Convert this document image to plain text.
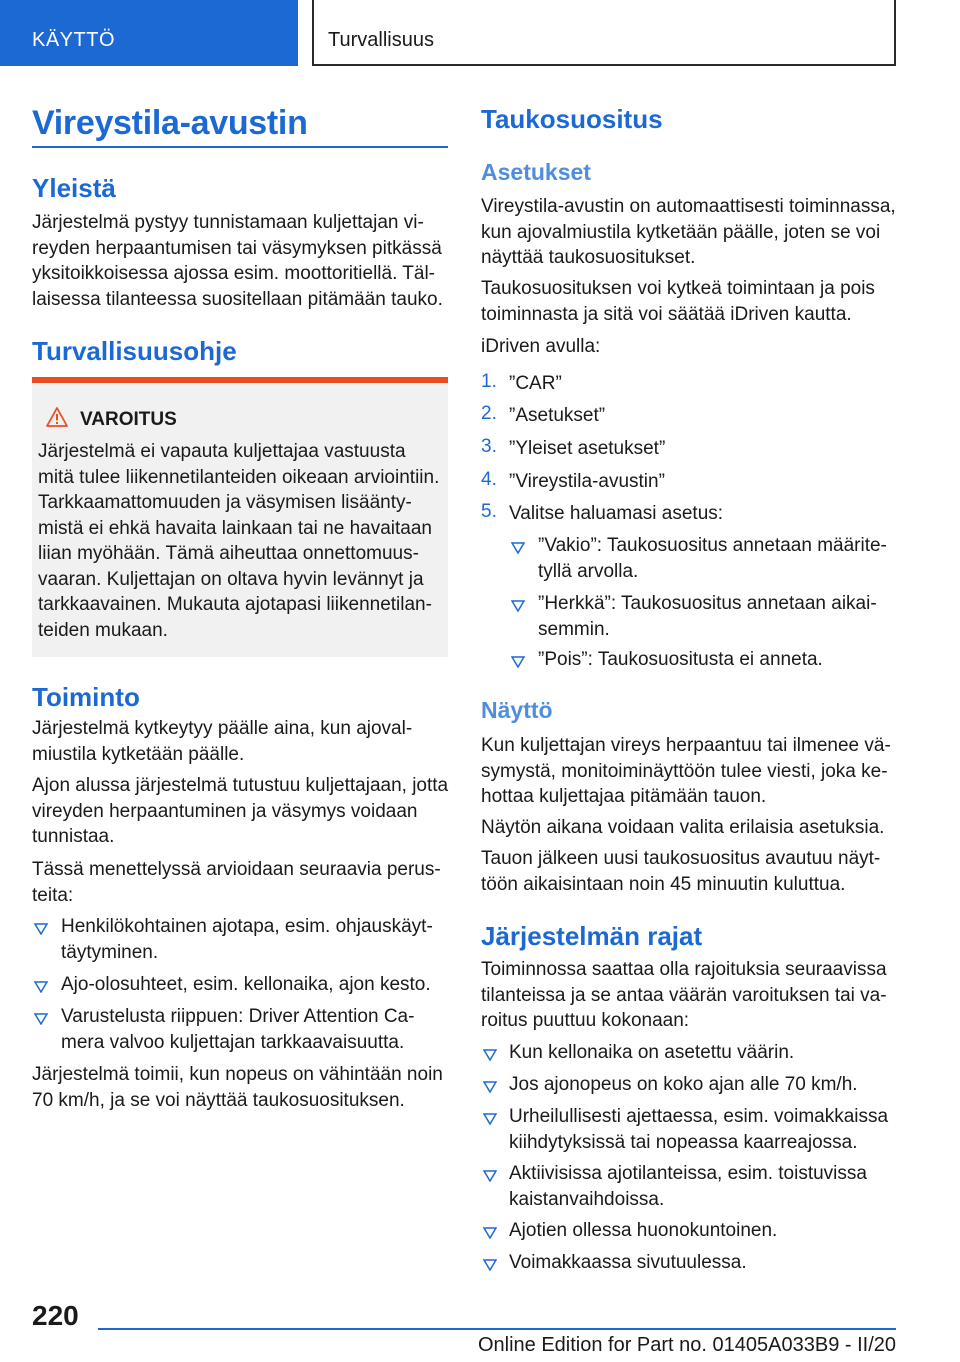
KÄYTTÖ	Turvallisuus
Vireystila-avustin
Yleistä
Järjestelmä pystyy tunnistamaan kuljettajan vi-
reyden herpaantumisen tai väsymyksen pitkässä
yksitoikkoisessa ajossa esim. moottoritiellä. Täl-
laisessa tilanteessa suositellaan pitämään tauko.
Turvallisuusohje
VAROITUS
Järjestelmä ei vapauta kuljettajaa vastuusta
mitä tulee liikennetilanteiden oikeaan arviointiin.
Tarkkaamattomuuden ja väsymisen lisäänty-
mistä ei ehkä havaita lainkaan tai ne havaitaan
liian myöhään. Tämä aiheuttaa onnettomuus-
vaaran. Kuljettajan on oltava hyvin levännyt ja
tarkkaavainen. Mukauta ajotapasi liikennetilan-
teiden mukaan.
Toiminto
Järjestelmä kytkeytyy päälle aina, kun ajoval-
miustila kytketään päälle.
Ajon alussa järjestelmä tutustuu kuljettajaan, jotta
vireyden herpaantuminen ja väsymys voidaan
tunnistaa.
Tässä menettelyssä arvioidaan seuraavia perus-
teita:
Henkilökohtainen ajotapa, esim. ohjauskäyt-
täytyminen.
Ajo-olosuhteet, esim. kellonaika, ajon kesto.
Varustelusta riippuen: Driver Attention Ca-
mera valvoo kuljettajan tarkkaavaisuutta.
Järjestelmä toimii, kun nopeus on vähintään noin
70 km/h, ja se voi näyttää taukosuosituksen.
Taukosuositus
Asetukset
Vireystila-avustin on automaattisesti toiminnassa,
kun ajovalmiustila kytketään päälle, joten se voi
näyttää taukosuositukset.
Taukosuosituksen voi kytkeä toimintaan ja pois
toiminnasta ja sitä voi säätää iDriven kautta.
iDriven avulla:
1. ”CAR”
2. ”Asetukset”
3. ”Yleiset asetukset”
4. ”Vireystila-avustin”
5. Valitse haluamasi asetus:
”Vakio”: Taukosuositus annetaan määrite-
tyllä arvolla.
”Herkkä”: Taukosuositus annetaan aikai-
semmin.
”Pois”: Taukosuositusta ei anneta.
Näyttö
Kun kuljettajan vireys herpaantuu tai ilmenee vä-
symystä, monitoiminäyttöön tulee viesti, joka ke-
hottaa kuljettajaa pitämään tauon.
Näytön aikana voidaan valita erilaisia asetuksia.
Tauon jälkeen uusi taukosuositus avautuu näyt-
töön aikaisintaan noin 45 minuutin kuluttua.
Järjestelmän rajat
Toiminnossa saattaa olla rajoituksia seuraavissa
tilanteissa ja se antaa väärän varoituksen tai va-
roitus puuttuu kokonaan:
Kun kellonaika on asetettu väärin.
Jos ajonopeus on koko ajan alle 70 km/h.
Urheilullisesti ajettaessa, esim. voimakkaissa
kiihdytyksissä tai nopeassa kaarreajossa.
Aktiivisissa ajotilanteissa, esim. toistuvissa
kaistanvaihdoissa.
Ajotien ollessa huonokuntoinen.
Voimakkaassa sivutuulessa.
220
Online Edition for Part no. 01405A033B9 - II/20
